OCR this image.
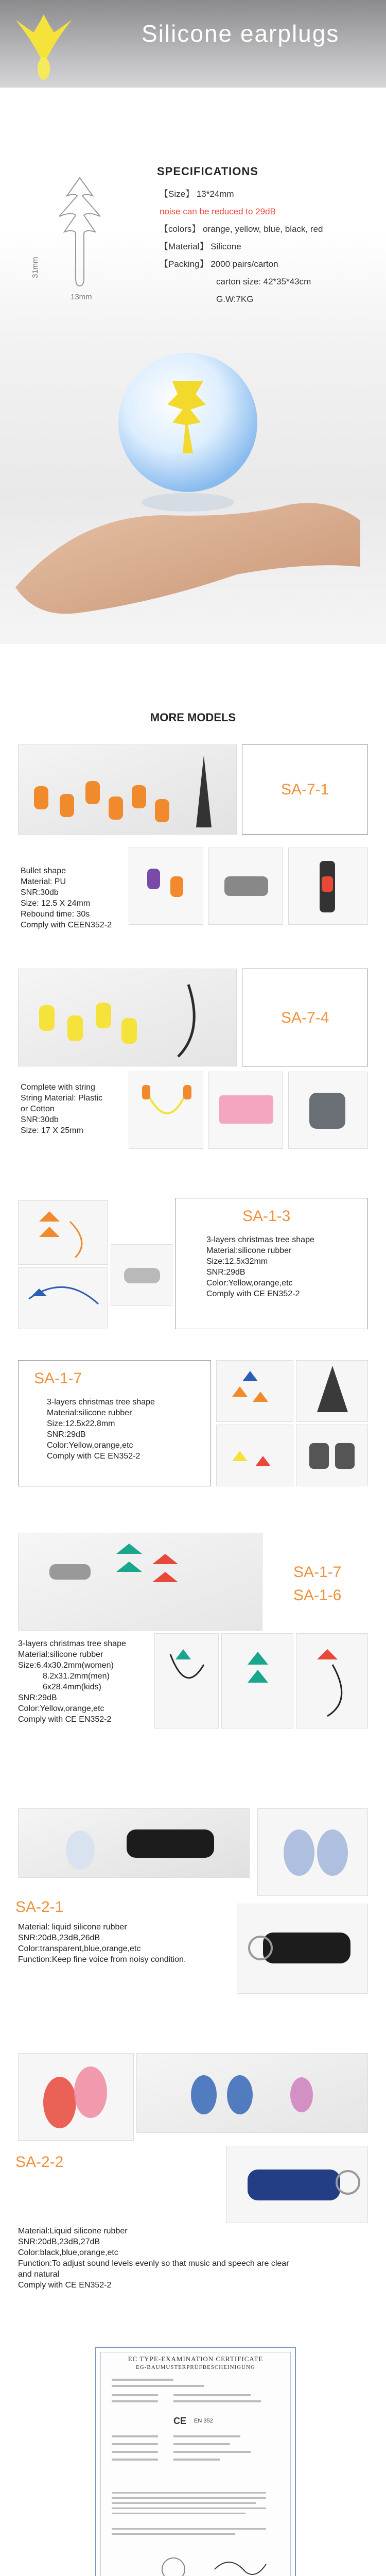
Silicone earplugs
31mm
13mm
SPECIFICATIONS
【Size】 13*24mm
noise can be reduced to 29dB
【colors】 orange, yellow, blue, black, red
【Material】 Silicone
【Packing】 2000 pairs/carton
carton size: 42*35*43cm
G.W:7KG
MORE MODELS
SA-7-1
Bullet shape
Material: PU
SNR:30db
Size: 12.5 X 24mm
Rebound time: 30s
Comply with CEEN352-2
SA-7-4
Complete with string
String Material: Plastic
or Cotton
SNR:30db
Size: 17 X 25mm
SA-1-3
3-layers christmas tree shape
Material:silicone rubber
Size:12.5x32mm
SNR:29dB
Color:Yellow,orange,etc
Comply with CE EN352-2
SA-1-7
3-layers christmas tree shape
Material:silicone rubber
Size:12.5x22.8mm
SNR:29dB
Color:Yellow,orange,etc
Comply with CE EN352-2
SA-1-7
SA-1-6
3-layers christmas tree shape
Material:silicone rubber
Size:6.4x30.2mm(women)
8.2x31.2mm(men)
6x28.4mm(kids)
SNR:29dB
Color:Yellow,orange,etc
Comply with CE EN352-2
SA-2-1
Material: liquid silicone rubber
SNR:20dB,23dB,26dB
Color:transparent,blue,orange,etc
Function:Keep fine voice from noisy condition.
SA-2-2
Material:Liquid silicone rubber
SNR:20dB,23dB,27dB
Color:black,blue,orange,etc
Function:To adjust sound levels evenly so that music and speech are clear
and natural
Comply with CE EN352-2
EC TYPE-EXAMINATION CERTIFICATE
EG-BAUMUSTERPRÜFBESCHEINIGUNG
CE EN 352
